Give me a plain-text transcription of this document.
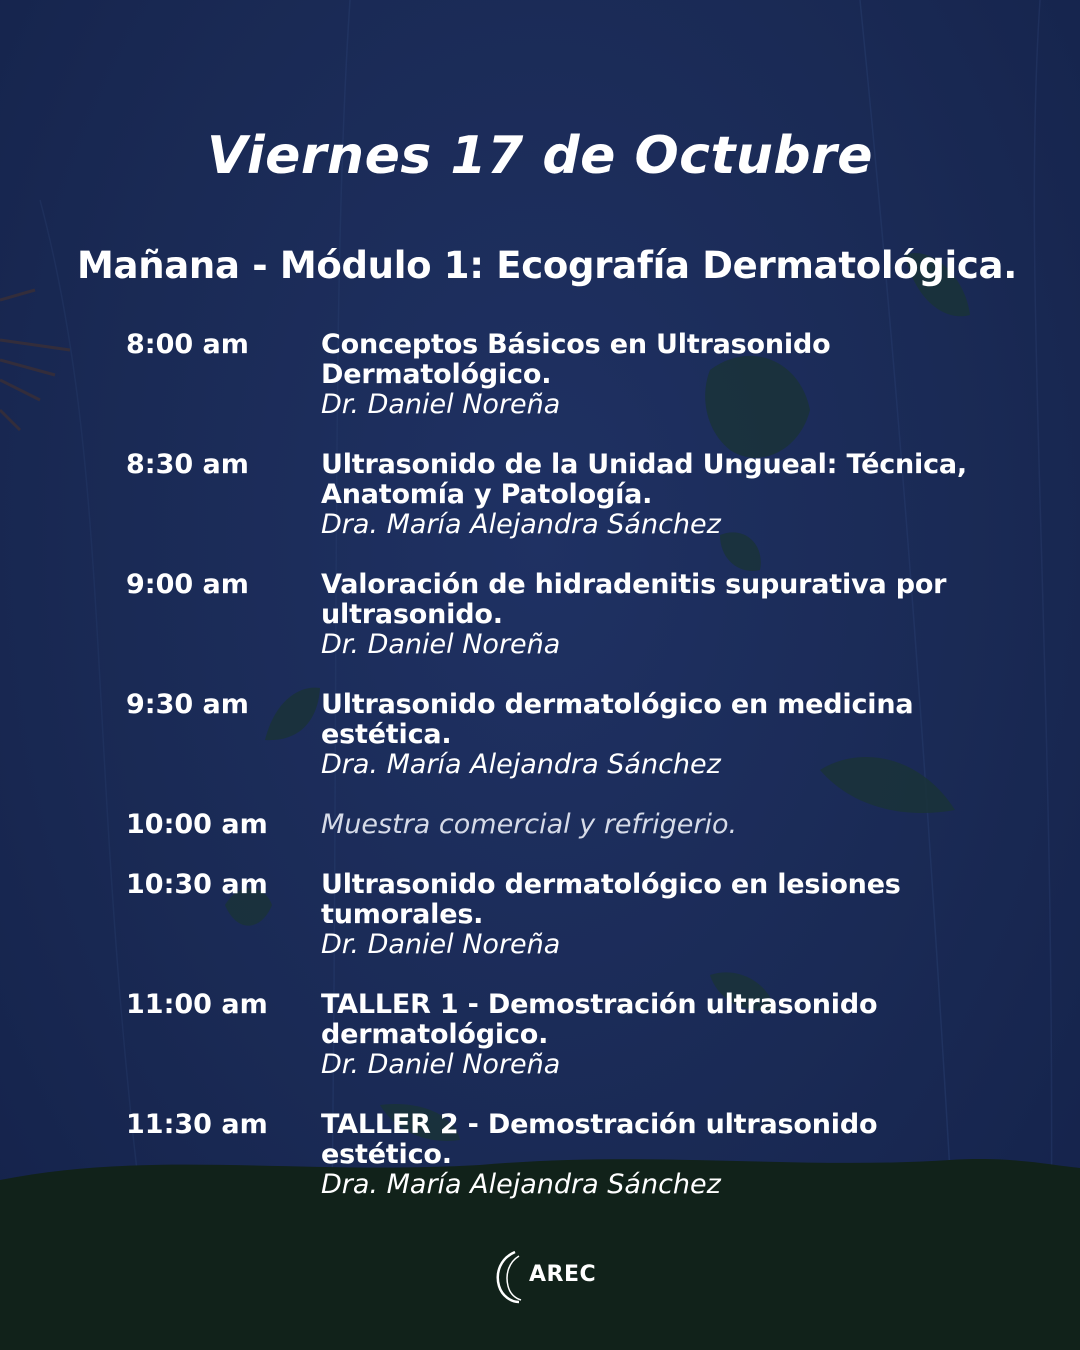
Viernes 17 de Octubre
Mañana - Módulo 1: Ecografía Dermatológica.
8:00 am	Conceptos Básicos en Ultrasonido Dermatológico.
Dr. Daniel Noreña
8:30 am	Ultrasonido de la Unidad Ungueal: Técnica, Anatomía y Patología.
Dra. María Alejandra Sánchez
9:00 am	Valoración de hidradenitis supurativa por ultrasonido.
Dr. Daniel Noreña
9:30 am	Ultrasonido dermatológico en medicina estética.
Dra. María Alejandra Sánchez
10:00 am	Muestra comercial y refrigerio.
10:30 am	Ultrasonido dermatológico en lesiones tumorales.
Dr. Daniel Noreña
11:00 am	TALLER 1 - Demostración ultrasonido dermatológico.
Dr. Daniel Noreña
11:30 am	TALLER 2 - Demostración ultrasonido estético.
Dra. María Alejandra Sánchez
AREC
